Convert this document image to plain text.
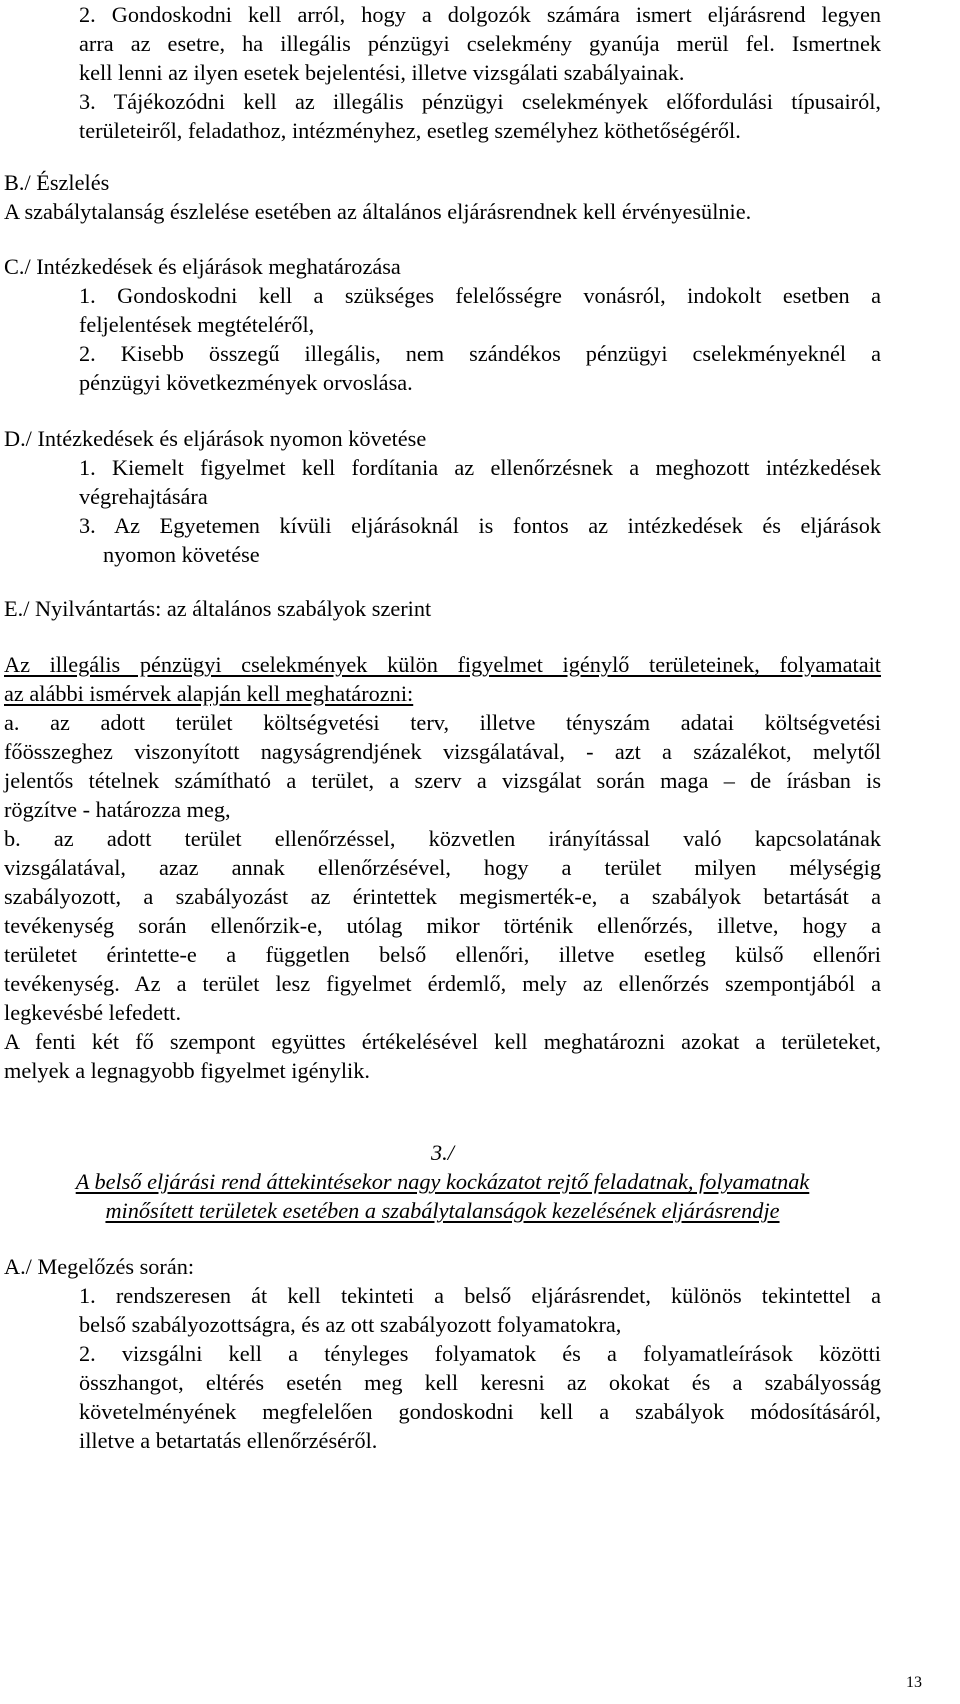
2. Gondoskodni kell arról, hogy a dolgozók számára ismert eljárásrend legyen
arra az esetre, ha illegális pénzügyi cselekmény gyanúja merül fel. Ismertnek
kell lenni az ilyen esetek bejelentési, illetve vizsgálati szabályainak.
3. Tájékozódni kell az illegális pénzügyi cselekmények előfordulási típusairól,
területeiről, feladathoz, intézményhez, esetleg személyhez köthetőségéről.
B./ Észlelés
A szabálytalanság észlelése esetében az általános eljárásrendnek kell érvényesülnie.
C./ Intézkedések és eljárások meghatározása
1. Gondoskodni kell a szükséges felelősségre vonásról, indokolt esetben a
feljelentések megtételéről,
2. Kisebb összegű illegális, nem szándékos pénzügyi cselekményeknél a
pénzügyi következmények orvoslása.
D./ Intézkedések és eljárások nyomon követése
1. Kiemelt figyelmet kell fordítania az ellenőrzésnek a meghozott intézkedések
végrehajtására
3. Az Egyetemen kívüli eljárásoknál is fontos az intézkedések és eljárások
nyomon követése
E./ Nyilvántartás: az általános szabályok szerint
Az illegális pénzügyi cselekmények külön figyelmet igénylő területeinek, folyamatait
az alábbi ismérvek alapján kell meghatározni:
a. az adott terület költségvetési terv, illetve tényszám adatai költségvetési
főösszeghez viszonyított nagyságrendjének vizsgálatával, - azt a százalékot, melytől
jelentős tételnek számítható a terület, a szerv a vizsgálat során maga – de írásban is
rögzítve - határozza meg,
b. az adott terület ellenőrzéssel, közvetlen irányítással való kapcsolatának
vizsgálatával, azaz annak ellenőrzésével, hogy a terület milyen mélységig
szabályozott, a szabályozást az érintettek megismerték-e, a szabályok betartását a
tevékenység során ellenőrzik-e, utólag mikor történik ellenőrzés, illetve, hogy a
területet érintette-e a független belső ellenőri, illetve esetleg külső ellenőri
tevékenység. Az a terület lesz figyelmet érdemlő, mely az ellenőrzés szempontjából a
legkevésbé lefedett.
A fenti két fő szempont együttes értékelésével kell meghatározni azokat a területeket,
melyek a legnagyobb figyelmet igénylik.
3./
A belső eljárási rend áttekintésekor nagy kockázatot rejtő feladatnak, folyamatnak
minősített területek esetében a szabálytalanságok kezelésének eljárásrendje
A./ Megelőzés során:
1. rendszeresen át kell tekinteti a belső eljárásrendet, különös tekintettel a
belső szabályozottságra, és az ott szabályozott folyamatokra,
2. vizsgálni kell a tényleges folyamatok és a folyamatleírások közötti
összhangot, eltérés esetén meg kell keresni az okokat és a szabályosság
követelményének megfelelően gondoskodni kell a szabályok módosításáról,
illetve a betartatás ellenőrzéséről.
13
